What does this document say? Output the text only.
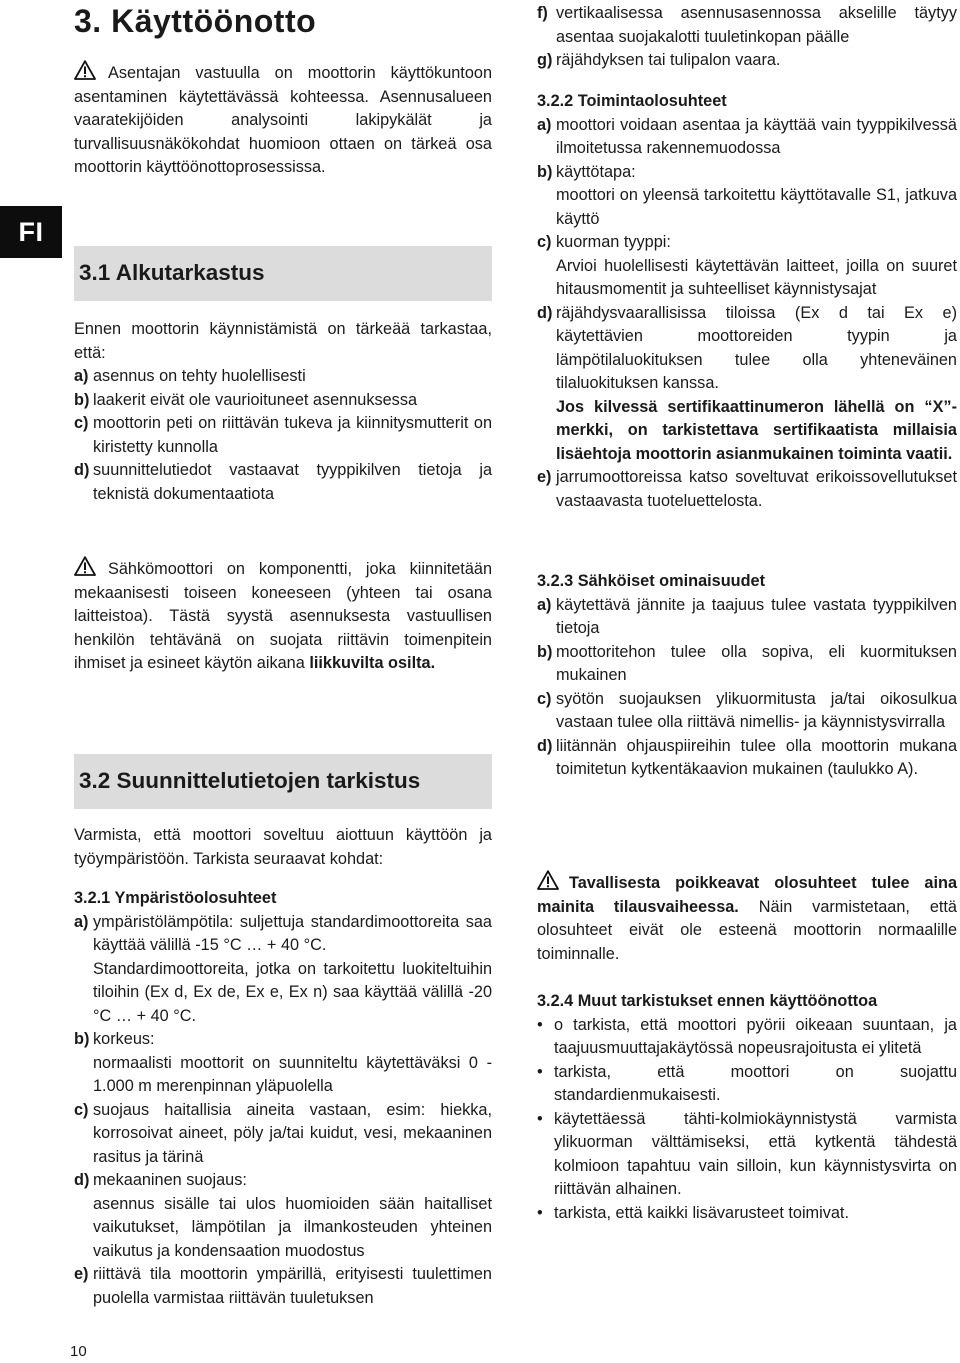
FI
3. Käyttöönotto
Asentajan vastuulla on moottorin käyttökuntoon asentaminen käytettävässä kohteessa. Asennusalueen vaaratekijöiden analysointi lakipykälät ja turvallisuusnäkökohdat huomioon ottaen on tärkeä osa moottorin käyttöönottoprosessissa.
3.1 Alkutarkastus
Ennen moottorin käynnistämistä on tärkeää tarkastaa, että:
a) asennus on tehty huolellisesti
b) laakerit eivät ole vaurioituneet asennuksessa
c) moottorin peti on riittävän tukeva ja kiinnitysmutterit on kiristetty kunnolla
d) suunnittelutiedot vastaavat tyyppikilven tietoja ja teknistä dokumentaatiota
Sähkömoottori on komponentti, joka kiinnitetään mekaanisesti toiseen koneeseen (yhteen tai osana laitteistoa). Tästä syystä asennuksesta vastuullisen henkilön tehtävänä on suojata riittävin toimenpitein ihmiset ja esineet käytön aikana liikkuvilta osilta.
3.2 Suunnittelutietojen tarkistus
Varmista, että moottori soveltuu aiottuun käyttöön ja työympäristöön. Tarkista seuraavat kohdat:
3.2.1 Ympäristöolosuhteet
a) ympäristölämpötila: suljettuja standardimoottoreita saa käyttää välillä -15 °C … + 40 °C.
Standardimoottoreita, jotka on tarkoitettu luokiteltuihin tiloihin (Ex d, Ex de, Ex e, Ex n) saa käyttää välillä -20 °C … + 40 °C.
b) korkeus:
normaalisti moottorit on suunniteltu käytettäväksi 0 - 1.000 m merenpinnan yläpuolella
c) suojaus haitallisia aineita vastaan, esim: hiekka, korrosoivat aineet, pöly ja/tai kuidut, vesi, mekaaninen rasitus ja tärinä
d) mekaaninen suojaus:
asennus sisälle tai ulos huomioiden sään haitalliset vaikutukset, lämpötilan ja ilmankosteuden yhteinen vaikutus ja kondensaation muodostus
e) riittävä tila moottorin ympärillä, erityisesti tuulettimen puolella varmistaa riittävän tuuletuksen
f) vertikaalisessa asennusasennossa akselille täytyy asentaa suojakalotti tuuletinkopan päälle
g) räjähdyksen tai tulipalon vaara.
3.2.2 Toimintaolosuhteet
a) moottori voidaan asentaa ja käyttää vain tyyppikilvessä ilmoitetussa rakennemuodossa
b) käyttötapa:
moottori on yleensä tarkoitettu käyttötavalle S1, jatkuva käyttö
c) kuorman tyyppi:
Arvioi huolellisesti käytettävän laitteet, joilla on suuret hitausmomentit ja suhteelliset käynnistysajat
d) räjähdysvaarallisissa tiloissa (Ex d tai Ex e) käytettävien moottoreiden tyypin ja lämpötilaluokituksen tulee olla yhteneväinen tilaluokituksen kanssa.
Jos kilvessä sertifikaattinumeron lähellä on “X”-merkki, on tarkistettava sertifikaatista millaisia lisäehtoja moottorin asianmukainen toiminta vaatii.
e) jarrumoottoreissa katso soveltuvat erikoissovellutukset vastaavasta tuoteluettelosta.
3.2.3 Sähköiset ominaisuudet
a) käytettävä jännite ja taajuus tulee vastata tyyppikilven tietoja
b) moottoritehon tulee olla sopiva, eli kuormituksen mukainen
c) syötön suojauksen ylikuormitusta ja/tai oikosulkua vastaan tulee olla riittävä nimellis- ja käynnistysvirralla
d) liitännän ohjauspiireihin tulee olla moottorin mukana toimitetun kytkentäkaavion mukainen (taulukko A).
Tavallisesta poikkeavat olosuhteet tulee aina mainita tilausvaiheessa. Näin varmistetaan, että olosuhteet eivät ole esteenä moottorin normaalille toiminnalle.
3.2.4 Muut tarkistukset ennen käyttöönottoa
• o tarkista, että moottori pyörii oikeaan suuntaan, ja taajuusmuuttajakäytössä nopeusrajoitusta ei ylitetä
• tarkista, että moottori on suojattu standardienmukaisesti.
• käytettäessä tähti-kolmiokäynnistystä varmista ylikuorman välttämiseksi, että kytkentä tähdestä kolmioon tapahtuu vain silloin, kun käynnistysvirta on riittävän alhainen.
• tarkista, että kaikki lisävarusteet toimivat.
10
